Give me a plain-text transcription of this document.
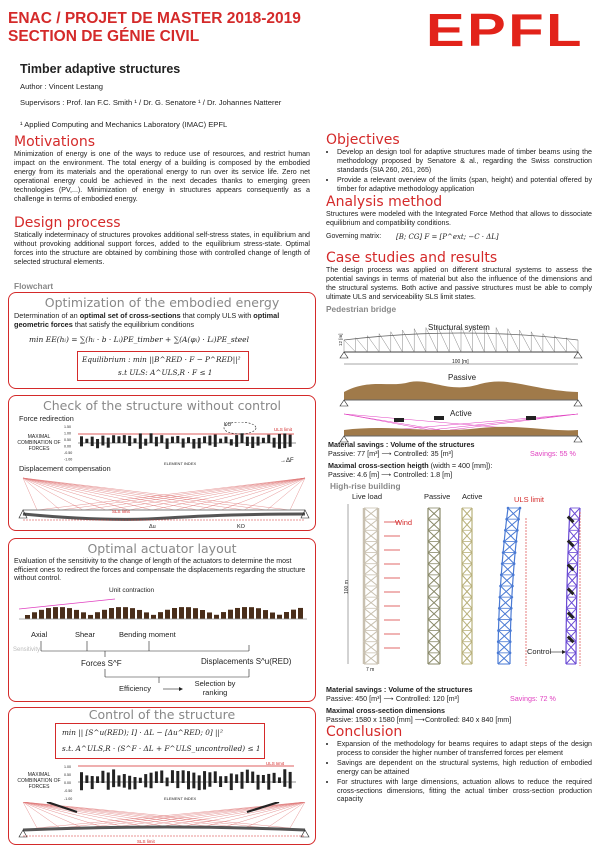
ENAC / PROJET DE MASTER 2018-2019
SECTION DE GÉNIE CIVIL	EPFL
Timber adaptive structures
Author : Vincent Lestang
Supervisors : Prof. Ian F.C. Smith ¹ / Dr. G. Senatore ¹ / Dr. Johannes Natterer
¹ Applied Computing and Mechanics Laboratory (IMAC) EPFL
Motivations
Minimization of energy is one of the ways to reduce use of resources, and restrict human impact on the environment. The total energy of a building is composed by the embodied energy from its materials and the operational energy to run over its service life. Zero net operational energy could be achieved in the next decades thanks to emerging green technologies (PV,...). Minimization of energy in structures appears consequently as a challenge in terms of embodied energy.
Design process
Statically indeterminacy of structures provokes additional self-stress states, in equilibrium and without provoking additional support forces, added to the equilibrium stress-state. Optimal forces into the structure are obtained by combining those with controlled change of length of selected structural elements.
Flowchart
Optimization of the embodied energy
Determination of an optimal set of cross-sections that comply ULS with optimal geometric forces that satisfy the equilibrium conditions
min EE(hᵢ) = ∑(hᵢ · b · Lᵢ)PE_timber + ∑(A(φᵢ) · Lᵢ)PE_steel
Equilibrium : min ||B^RED · F − P^RED||²
s.t ULS: A^ULS,R · F ≤ 1
Check of the structure without control
Force redirection
MAXIMAL COMBINATION OF FORCES
1.50
1.00
0.50
0.00
-0.50
-1.00
KO
ULS limit
ELEMENT INDEX	→ΔF
Displacement compensation
SLS limit
Δu	KO
Optimal actuator layout
Evaluation of the sensitivity to the change of length of the actuators to determine the most efficient ones to redirect the forces and compensate the displacements regarding the structure without control.
Unit contraction
Axial	Shear	Bending moment
Sensitivity
Forces S^F	Displacements S^u(RED)
Efficiency
Selection by ranking
Control of the structure
min || [S^u(RED); I] · ΔL − [Δu^RED; 0] ||²
s.t. A^ULS,R · (S^F · ΔL + F^ULS_uncontrolled) ≤ 1
MAXIMAL COMBINATION OF FORCES
1.00
0.50
0.00
-0.50
-1.00
ULS limit
ELEMENT INDEX
SLS limit
Objectives
• Develop an design tool for adaptive structures made of timber beams using the methodology proposed by Senatore & al., regarding the Swiss construction standards (SIA 260, 261, 265)
• Provide a relevant overview of the limits (span, height) and potential offered by timber for adaptive methodology application
Analysis method
Structures were modeled with the Integrated Force Method that allows to dissociate equilibrium and compatibility conditions.
Governing matrix: [B; CG] F = [P^ext; −C · ΔL]
Case studies and results
The design process was applied on different structural systems to assess the potential savings in terms of material but also the influence of the dimensions and the structural systems. Both active and passive structures must be able to comply ultimate ULS and serviceability SLS limit states.
Pedestrian bridge
Structural system
12 [m]
100 [m]
Passive
Active
Material savings : Volume of the structures
Passive: 77 [m³] ⟶ Controlled: 35 [m³]	Savings: 55 %
Maximal cross-section heigth (width = 400 [mm]):
Passive: 4.6 [m] ⟶ Controlled: 1.8 [m]
High-rise building
Live load	Passive Active	ULS limit
Wind
Control
100 m
7 m
Material savings : Volume of the structures
Passive: 450 [m³] ⟶ Controlled: 120 [m³]	Savings: 72 %
Maximal cross-section dimensions
Passive: 1580 x 1580 [mm] ⟶Controlled: 840 x 840 [mm]
Conclusion
• Expansion of the methodology for beams requires to adapt steps of the design process to consider the higher number of transferred forces per element
• Savings are dependent on the structural systems, high reduction of embodied energy can be attained
• For structures with large dimensions, actuation allows to reduce the required cross-sections dimensions, fitting the actual timber cross-section production capacity
